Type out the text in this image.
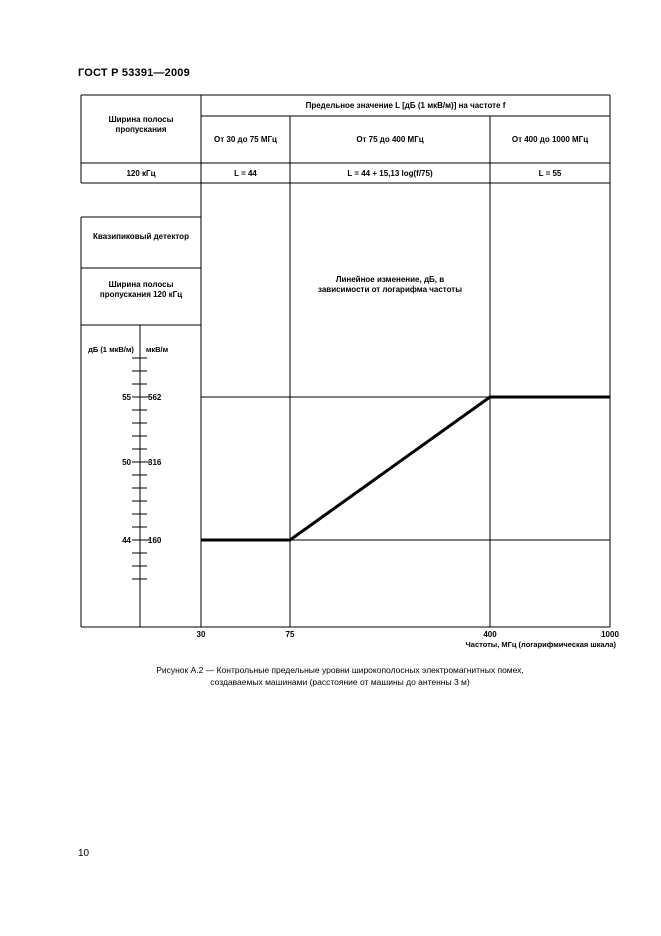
ГОСТ Р 53391—2009
55 562
50 316
44 160
30	75	400	1000
Ширина полосы пропускания
Предельное значение L [дБ (1 мкВ/м)] на частоте f
От 30 до 75 МГц	От 75 до 400 МГц	От 400 до 1000 МГц
120 кГц	L = 44	L = 44 + 15,13 log(f/75)	L = 55
Квазипиковый детектор
Ширина полосы пропускания 120 кГц
дБ (1 мкВ/м)	мкВ/м
Линейное изменение, дБ, в зависимости от логарифма частоты
Частоты, МГц (логарифмическая шкала)
Рисунок А.2 — Контрольные предельные уровни широкополосных электромагнитных помех,
создаваемых машинами (расстояние от машины до антенны 3 м)
10
